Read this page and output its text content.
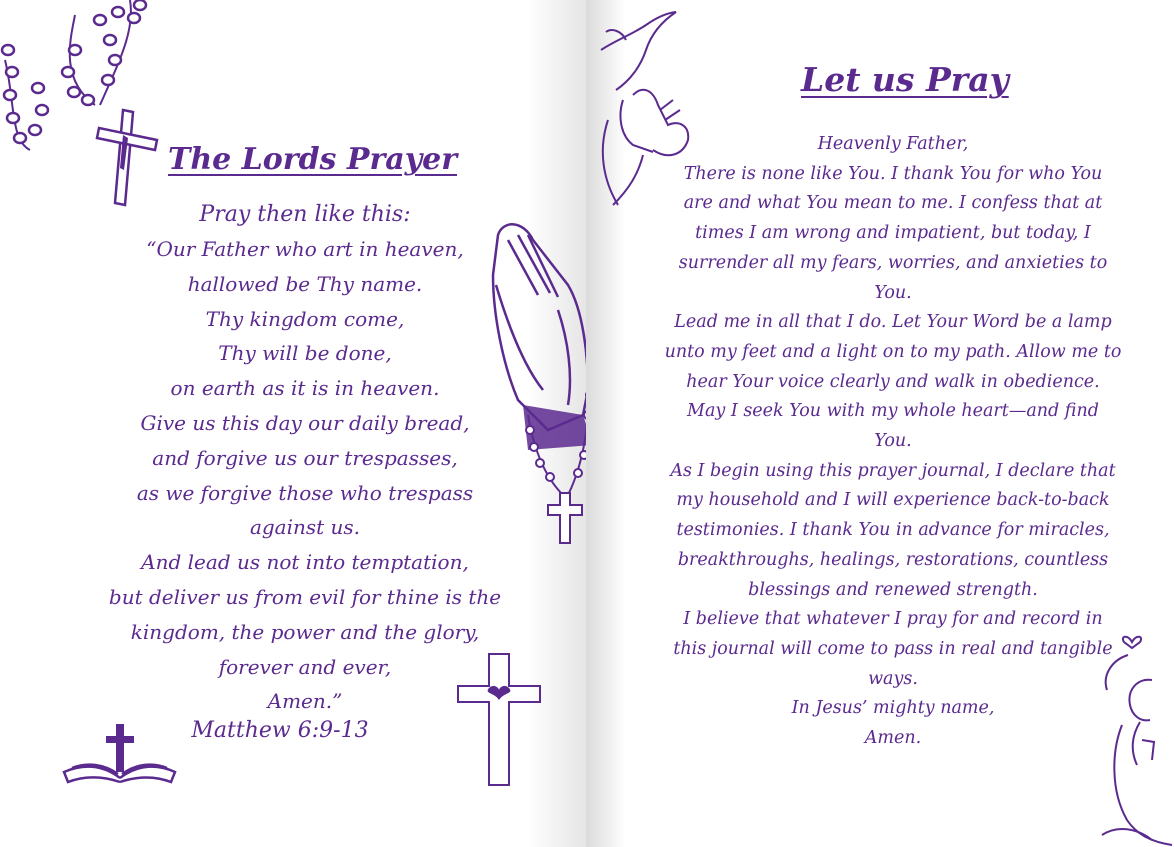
The Lords Prayer
Pray then like this:
“Our Father who art in heaven,
hallowed be Thy name.
Thy kingdom come,
Thy will be done,
on earth as it is in heaven.
Give us this day our daily bread,
and forgive us our trespasses,
as we forgive those who trespass
against us.
And lead us not into temptation,
but deliver us from evil for thine is the
kingdom, the power and the glory,
forever and ever,
Amen.”
Matthew 6:9-13
Let us Pray
Heavenly Father,
There is none like You. I thank You for who You
are and what You mean to me. I confess that at
times I am wrong and impatient, but today, I
surrender all my fears, worries, and anxieties to
You.
Lead me in all that I do. Let Your Word be a lamp
unto my feet and a light on to my path. Allow me to
hear Your voice clearly and walk in obedience.
May I seek You with my whole heart—and find
You.
As I begin using this prayer journal, I declare that
my household and I will experience back-to-back
testimonies. I thank You in advance for miracles,
breakthroughs, healings, restorations, countless
blessings and renewed strength.
I believe that whatever I pray for and record in
this journal will come to pass in real and tangible
ways.
In Jesus’ mighty name,
Amen.
